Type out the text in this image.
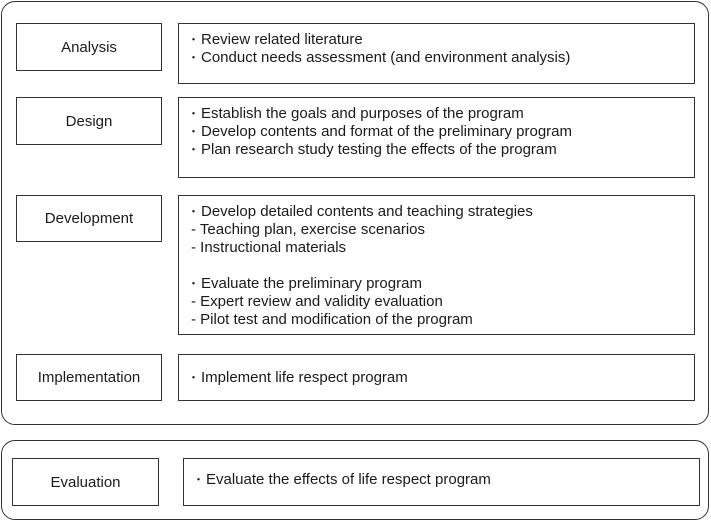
Analysis	・ Review related literature
・ Conduct needs assessment (and environment analysis)
Design	・ Establish the goals and purposes of the program
・ Develop contents and format of the preliminary program
・ Plan research study testing the effects of the program
Development	・ Develop detailed contents and teaching strategies
- Teaching plan, exercise scenarios
- Instructional materials
・ Evaluate the preliminary program
- Expert review and validity evaluation
- Pilot test and modification of the program
Implementation	・ Implement life respect program
Evaluation	・ Evaluate the effects of life respect program
